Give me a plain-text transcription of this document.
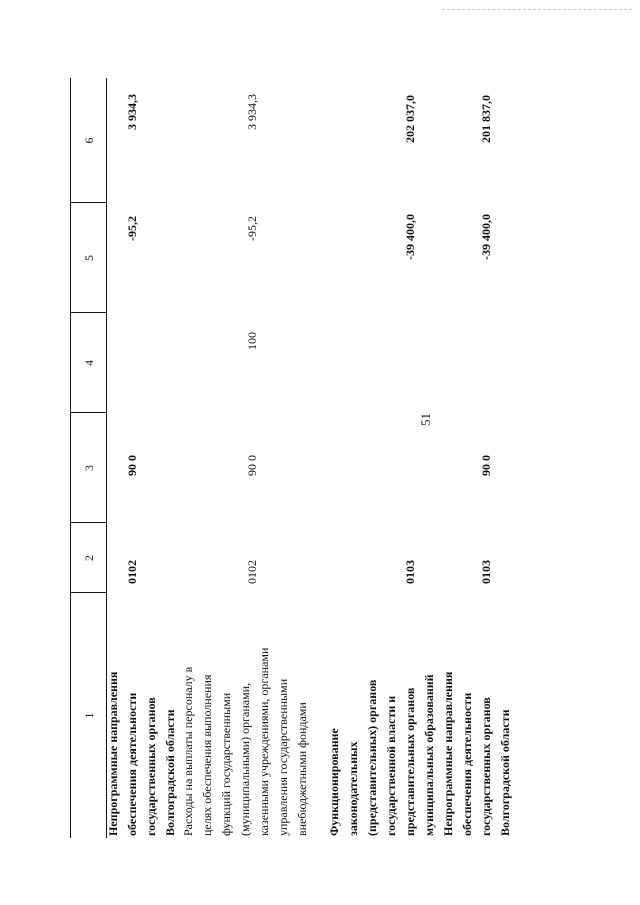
51
1
2
3
4
5
6
Непрограммные направления обеспечения деятельности государственных органов Волгоградской области
0102
90 0
-95,2
3 934,3
Расходы на выплаты персоналу в целях обеспечения выполнения функций государственными (муниципальными) органами, казенными учреждениями, органами управления государственными внебюджетными фондами
0102
90 0
100
-95,2
3 934,3
Функционирование законодательных (представительных) органов государственной власти и представительных органов муниципальных образований
0103
-39 400,0
202 037,0
Непрограммные направления обеспечения деятельности государственных органов Волгоградской области
0103
90 0
-39 400,0
201 837,0
